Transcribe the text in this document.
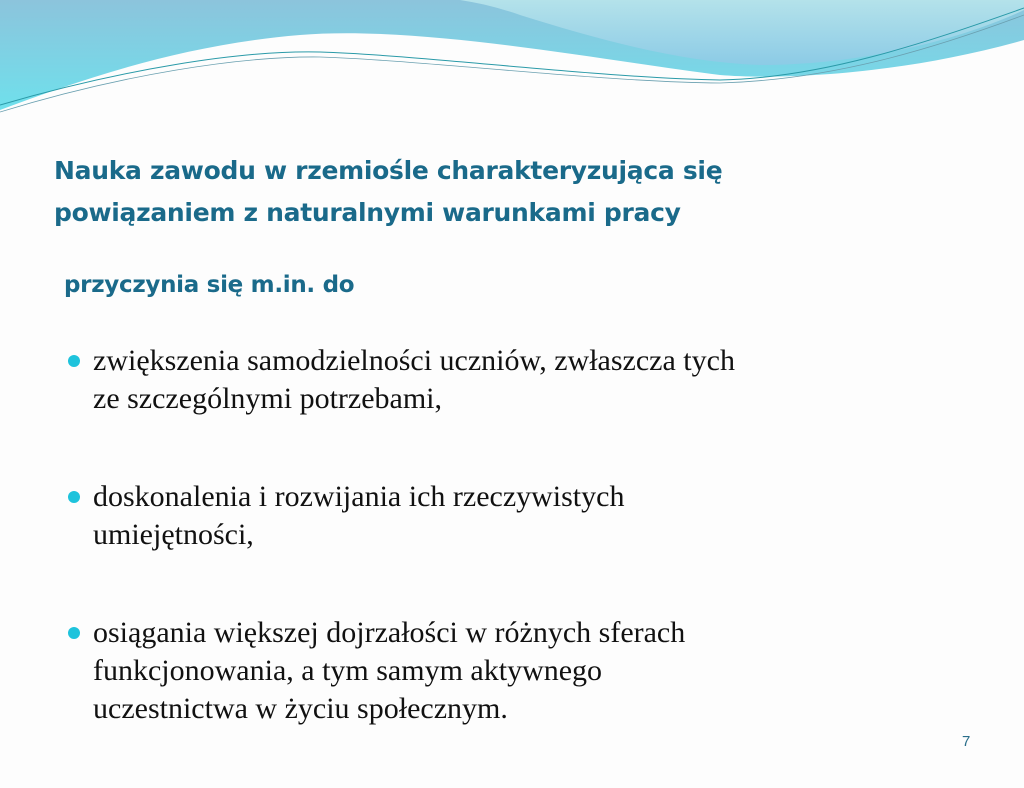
Nauka zawodu w rzemiośle charakteryzująca się
powiązaniem z naturalnymi warunkami pracy
przyczynia się m.in. do
zwiększenia samodzielności uczniów, zwłaszcza tych
ze szczególnymi potrzebami,
doskonalenia i rozwijania ich rzeczywistych
umiejętności,
osiągania większej dojrzałości w różnych sferach
funkcjonowania, a tym samym aktywnego
uczestnictwa w życiu społecznym.
7
